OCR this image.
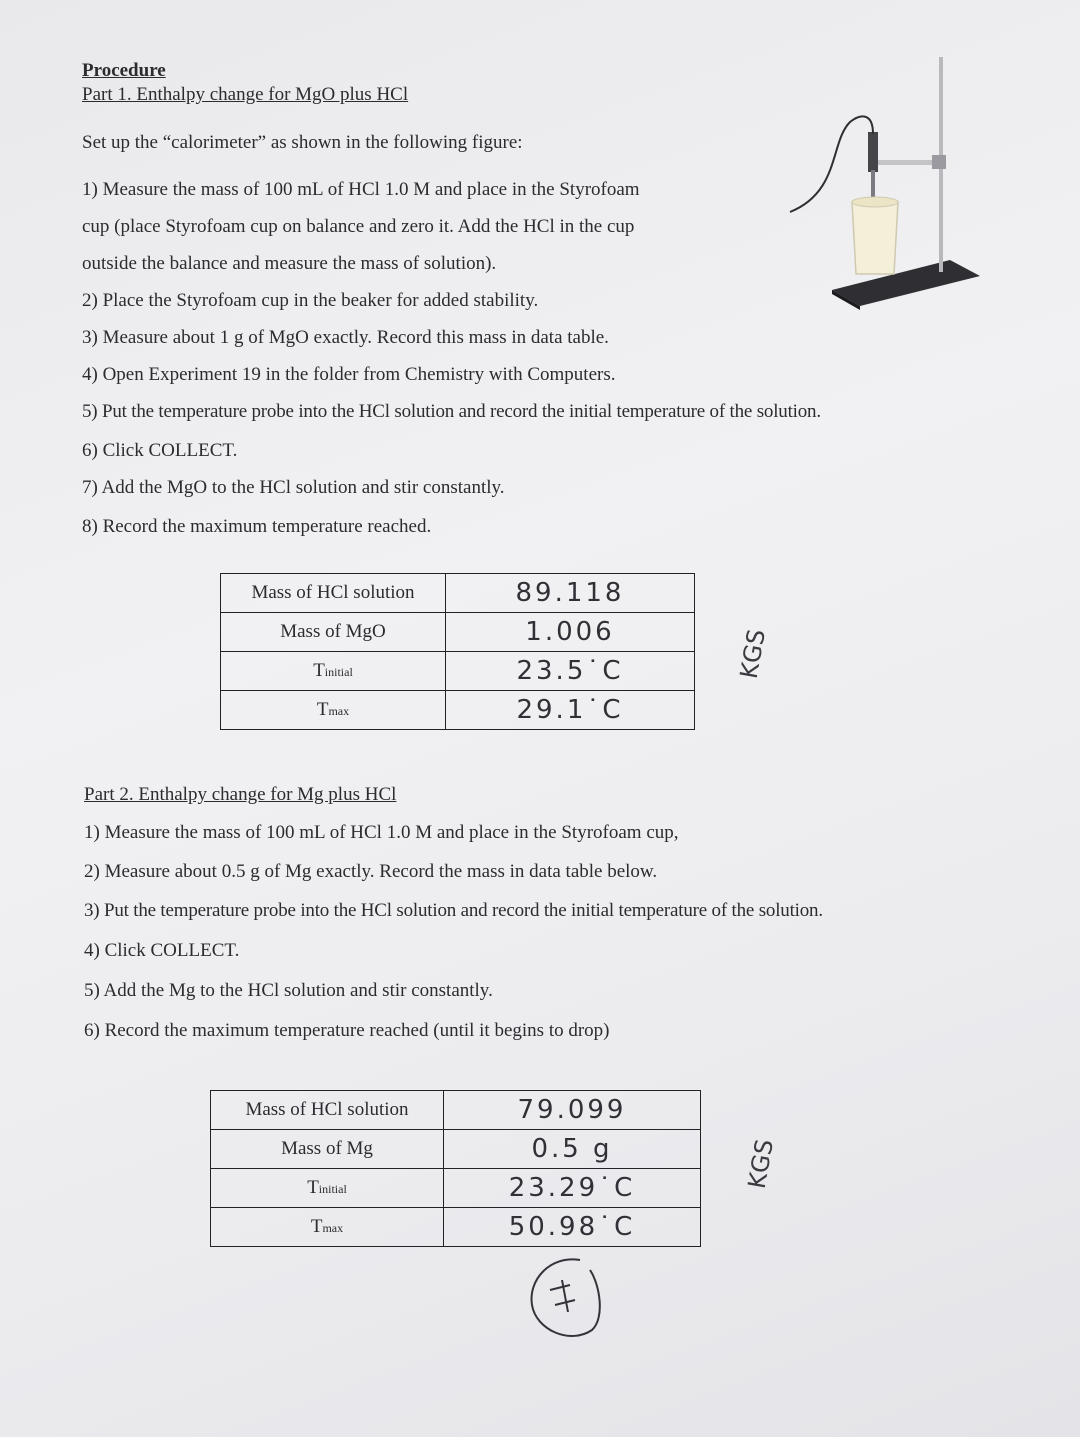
Procedure
Part 1. Enthalpy change for MgO plus HCl
Set up the “calorimeter” as shown in the following figure:
1) Measure the mass of 100 mL of HCl 1.0 M and place in the Styrofoam
cup (place Styrofoam cup on balance and zero it. Add the HCl in the cup
outside the balance and measure the mass of solution).
2) Place the Styrofoam cup in the beaker for added stability.
3) Measure about 1 g of MgO exactly. Record this mass in data table.
4) Open Experiment 19 in the folder from Chemistry with Computers.
5) Put the temperature probe into the HCl solution and record the initial temperature of the solution.
6) Click COLLECT.
7) Add the MgO to the HCl solution and stir constantly.
8) Record the maximum temperature reached.
Mass of HCl solution	89.118
Mass of MgO	1.006
Tinitial	23.5˙C
Tmax	29.1˙C
KGS
Part 2. Enthalpy change for Mg plus HCl
1) Measure the mass of 100 mL of HCl 1.0 M and place in the Styrofoam cup,
2) Measure about 0.5 g of Mg exactly. Record the mass in data table below.
3) Put the temperature probe into the HCl solution and record the initial temperature of the solution.
4) Click COLLECT.
5) Add the Mg to the HCl solution and stir constantly.
6) Record the maximum temperature reached (until it begins to drop)
Mass of HCl solution	79.099
Mass of Mg	0.5 g
Tinitial	23.29˙C
Tmax	50.98˙C
KGS
